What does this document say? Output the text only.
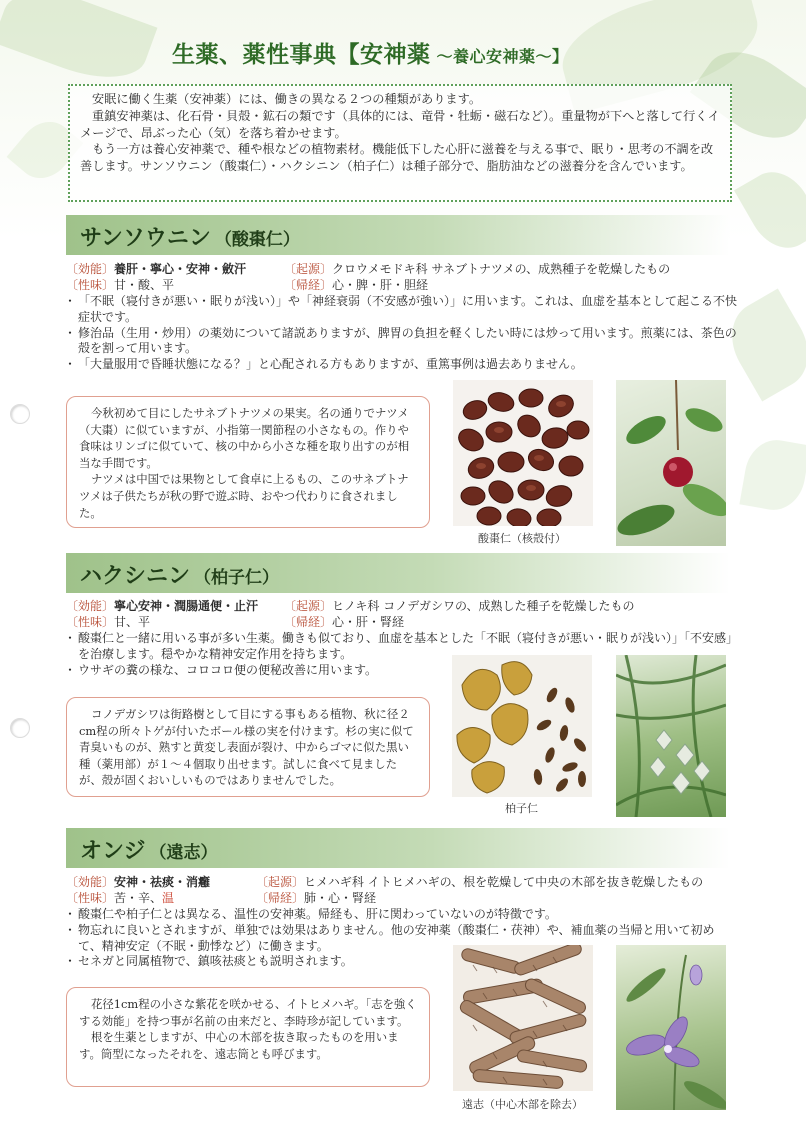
生薬、薬性事典【安神薬 ～養心安神薬～】

安眠に働く生薬（安神薬）には、働きの異なる２つの種類があります。

重鎮安神薬は、化石骨・貝殻・鉱石の類です（具体的には、竜骨・牡蛎・磁石など）。重量物が下へと落して行くイメージで、昂ぶった心（気）を落ち着かせます。

もう一方は養心安神薬で、種や根などの植物素材。機能低下した心肝に滋養を与える事で、眠り・思考の不調を改善します。サンソウニン（酸棗仁）・ハクシニン（柏子仁）は種子部分で、脂肪油などの滋養分を含んでいます。

サンソウニン （酸棗仁）
〔効能〕養肝・寧心・安神・斂汗	〔起源〕クロウメモドキ科 サネブトナツメの、成熟種子を乾燥したもの
〔性味〕甘・酸、平	〔帰経〕心・脾・肝・胆経
・ 「不眠（寝付きが悪い・眠りが浅い）」や「神経衰弱（不安感が強い）」に用います。これは、血虚を基本として起こる不快症状です。
・ 修治品（生用・炒用）の薬効について諸説ありますが、脾胃の負担を軽くしたい時には炒って用います。煎薬には、茶色の殻を割って用います。
・ 「大量服用で昏睡状態になる？」と心配される方もありますが、重篤事例は過去ありません。

今秋初めて目にしたサネブトナツメの果実。名の通りでナツメ（大棗）に似ていますが、小指第一関節程の小さなもの。作りや食味はリンゴに似ていて、核の中から小さな種を取り出すのが相当な手間です。

ナツメは中国では果物として食卓に上るもの、このサネブトナツメは子供たちが秋の野で遊ぶ時、おやつ代わりに食されました。

酸棗仁（核殻付）
ハクシニン （柏子仁）
〔効能〕寧心安神・潤腸通便・止汗 〔起源〕ヒノキ科 コノデガシワの、成熟した種子を乾燥したもの
〔性味〕甘、平	〔帰経〕心・肝・腎経
・ 酸棗仁と一緒に用いる事が多い生薬。働きも似ており、血虚を基本とした「不眠（寝付きが悪い・眠りが浅い）」「不安感」を治療します。穏やかな精神安定作用を持ちます。
・ ウサギの糞の様な、コロコロ便の便秘改善に用います。

コノデガシワは街路樹として目にする事もある植物、秋に径２cm程の所々トゲが付いたボール様の実を付けます。杉の実に似て青臭いものが、熟すと黄変し表面が裂け、中からゴマに似た黒い種（薬用部）が１～４個取り出せます。試しに食べて見ましたが、殻が固くおいしいものではありませんでした。

柏子仁
オンジ （遠志）
〔効能〕安神・祛痰・消癰	〔起源〕ヒメハギ科 イトヒメハギの、根を乾燥して中央の木部を抜き乾燥したもの
〔性味〕苦・辛、温	〔帰経〕肺・心・腎経
・ 酸棗仁や柏子仁とは異なる、温性の安神薬。帰経も、肝に関わっていないのが特徴です。
・ 物忘れに良いとされますが、単独では効果はありません。他の安神薬（酸棗仁・茯神）や、補血薬の当帰と用いて初めて、精神安定（不眠・動悸など）に働きます。
・ セネガと同属植物で、鎮咳祛痰とも説明されます。

花径1cm程の小さな紫花を咲かせる、イトヒメハギ。「志を強くする効能」を持つ事が名前の由来だと、李時珍が記しています。

根を生薬としますが、中心の木部を抜き取ったものを用います。筒型になったそれを、遠志筒とも呼びます。

遠志（中心木部を除去）
